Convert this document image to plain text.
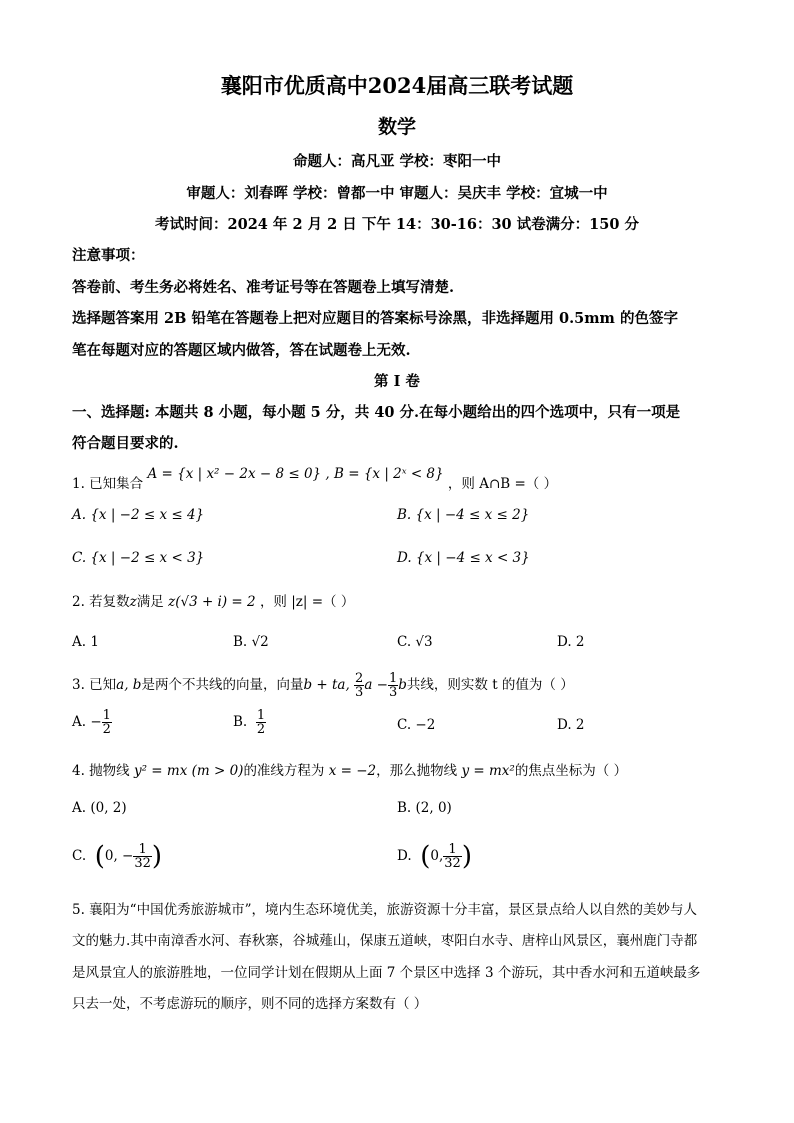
襄阳市优质高中2024届高三联考试题
数学
命题人：高凡亚 学校：枣阳一中
审题人：刘春晖 学校：曾都一中 审题人：吴庆丰 学校：宜城一中
考试时间：2024 年 2 月 2 日 下午 14：30-16：30 试卷满分：150 分
注意事项：
答卷前、考生务必将姓名、准考证号等在答题卷上填写清楚.
选择题答案用 2B 铅笔在答题卷上把对应题目的答案标号涂黑，非选择题用 0.5mm 的色签字
笔在每题对应的答题区域内做答，答在试题卷上无效.
第 I 卷
一、选择题: 本题共 8 小题，每小题 5 分，共 40 分.在每小题给出的四个选项中，只有一项是
符合题目要求的.
1. 已知集合 A = {x | x² − 2x − 8 ≤ 0} , B = {x | 2ˣ < 8} ，则 A∩B =（ ）
A. {x | −2 ≤ x ≤ 4}	B. {x | −4 ≤ x ≤ 2}
C. {x | −2 ≤ x < 3}	D. {x | −4 ≤ x < 3}
2. 若复数z满足 z(√3 + i) = 2 ，则 |z| =（ ）
A. 1	B. √2	C. √3	D. 2
3. 已知a, b是两个不共线的向量，向量b + ta, $\frac{2}{3}$ $a - \frac{1}{3}$ b共线，则实数 t 的值为（ ）
A. − $\frac{1}{2}$	B. $\frac{1}{2}$	C. −2	D. 2
4. 抛物线 y² = mx (m > 0)的准线方程为 x = −2，那么抛物线 y = mx²的焦点坐标为（ ）
A. (0, 2)	B. (2, 0)
C. (0, − $\frac{1}{32}$ )	D. (0, $\frac{1}{32}$ )
5. 襄阳为“中国优秀旅游城市”，境内生态环境优美，旅游资源十分丰富，景区景点给人以自然的美妙与人
文的魅力.其中南漳香水河、春秋寨，谷城薤山，保康五道峡，枣阳白水寺、唐梓山风景区，襄州鹿门寺都
是风景宜人的旅游胜地，一位同学计划在假期从上面 7 个景区中选择 3 个游玩，其中香水河和五道峡最多
只去一处，不考虑游玩的顺序，则不同的选择方案数有（ ）
